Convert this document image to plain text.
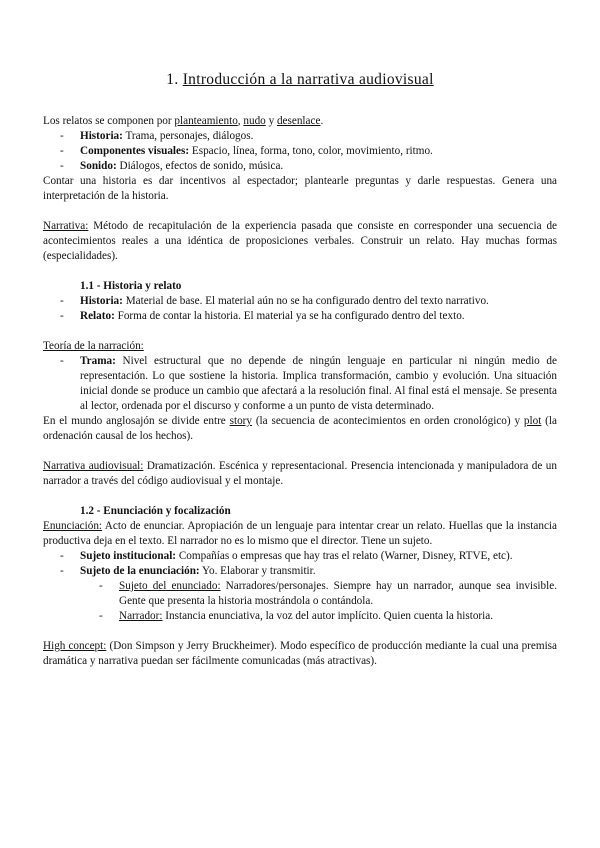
1. Introducción a la narrativa audiovisual

Los relatos se componen por planteamiento, nudo y desenlace.

- Historia: Trama, personajes, diálogos.
- Componentes visuales: Espacio, línea, forma, tono, color, movimiento, ritmo.
- Sonido: Diálogos, efectos de sonido, música.

Contar una historia es dar incentivos al espectador; plantearle preguntas y darle respuestas. Genera una interpretación de la historia.

Narrativa: Método de recapitulación de la experiencia pasada que consiste en corresponder una secuencia de acontecimientos reales a una idéntica de proposiciones verbales. Construir un relato. Hay muchas formas (especialidades).

1.1 - Historia y relato
- Historia: Material de base. El material aún no se ha configurado dentro del texto narrativo.
- Relato: Forma de contar la historia. El material ya se ha configurado dentro del texto.

Teoría de la narración:

- Trama: Nivel estructural que no depende de ningún lenguaje en particular ni ningún medio de representación. Lo que sostiene la historia. Implica transformación, cambio y evolución. Una situación inicial donde se produce un cambio que afectará a la resolución final. Al final está el mensaje. Se presenta al lector, ordenada por el discurso y conforme a un punto de vista determinado.

En el mundo anglosajón se divide entre story (la secuencia de acontecimientos en orden cronológico) y plot (la ordenación causal de los hechos).

Narrativa audiovisual: Dramatización. Escénica y representacional. Presencia intencionada y manipuladora de un narrador a través del código audiovisual y el montaje.

1.2 - Enunciación y focalización

Enunciación: Acto de enunciar. Apropiación de un lenguaje para intentar crear un relato. Huellas que la instancia productiva deja en el texto. El narrador no es lo mismo que el director. Tiene un sujeto.

- Sujeto institucional: Compañías o empresas que hay tras el relato (Warner, Disney, RTVE, etc).
- Sujeto de la enunciación: Yo. Elaborar y transmitir.
- Sujeto del enunciado: Narradores/personajes. Siempre hay un narrador, aunque sea invisible. Gente que presenta la historia mostrándola o contándola.
- Narrador: Instancia enunciativa, la voz del autor implícito. Quien cuenta la historia.

High concept: (Don Simpson y Jerry Bruckheimer). Modo específico de producción mediante la cual una premisa dramática y narrativa puedan ser fácilmente comunicadas (más atractivas).
